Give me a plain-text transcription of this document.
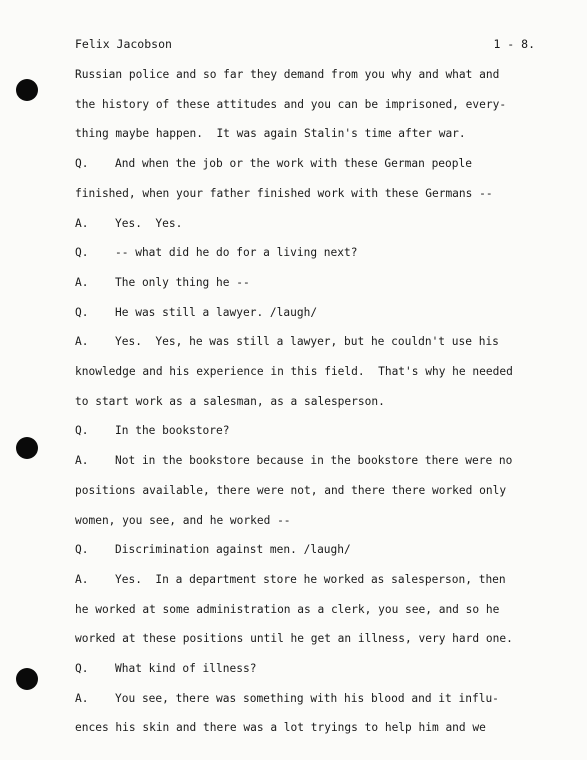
Felix Jacobson	1 - 8.
Russian police and so far they demand from you why and what and
the history of these attitudes and you can be imprisoned, every-
thing maybe happen.  It was again Stalin's time after war.
Q. And when the job or the work with these German people
finished, when your father finished work with these Germans --
A. Yes.  Yes.
Q. -- what did he do for a living next?
A. The only thing he --
Q. He was still a lawyer. /laugh/
A. Yes.  Yes, he was still a lawyer, but he couldn't use his
knowledge and his experience in this field.  That's why he needed
to start work as a salesman, as a salesperson.
Q. In the bookstore?
A. Not in the bookstore because in the bookstore there were no
positions available, there were not, and there there worked only
women, you see, and he worked --
Q. Discrimination against men. /laugh/
A. Yes.  In a department store he worked as salesperson, then
he worked at some administration as a clerk, you see, and so he
worked at these positions until he get an illness, very hard one.
Q. What kind of illness?
A. You see, there was something with his blood and it influ-
ences his skin and there was a lot tryings to help him and we
